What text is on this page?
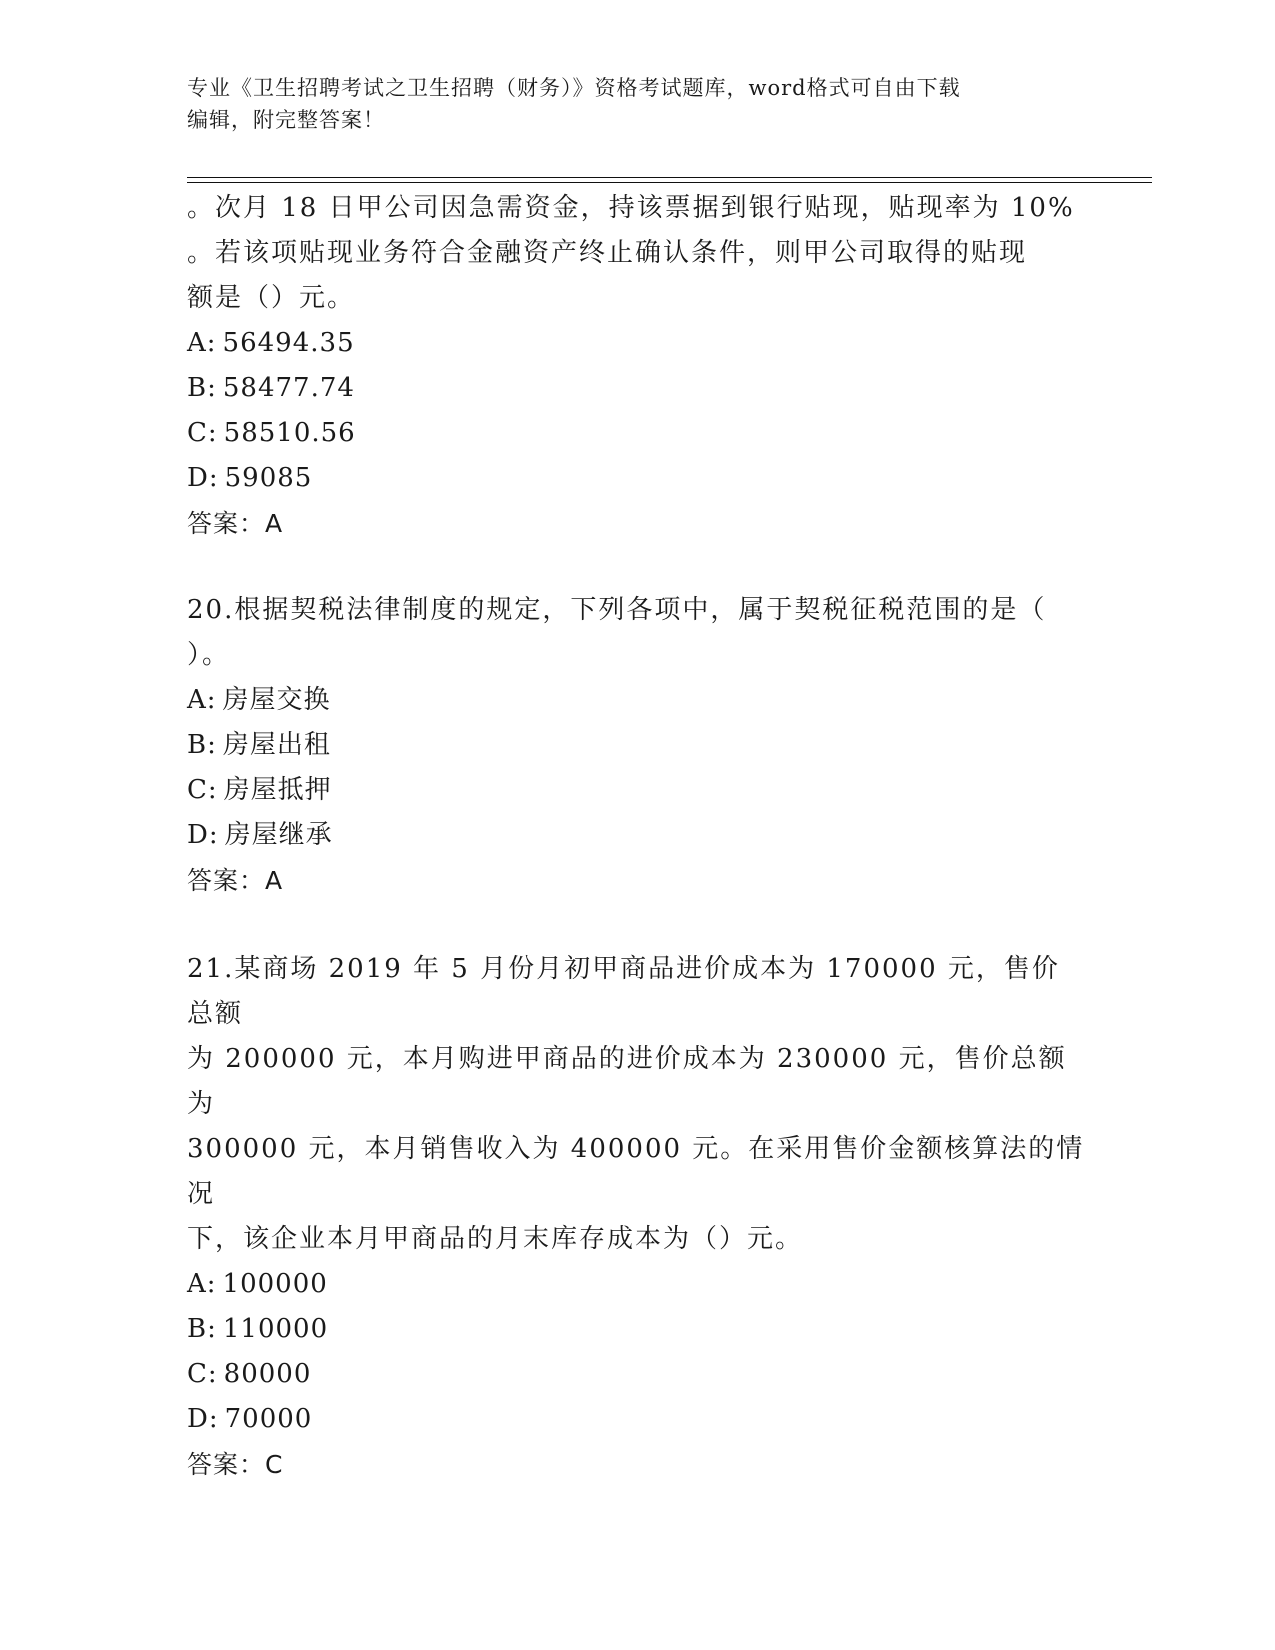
专业《卫生招聘考试之卫生招聘（财务）》资格考试题库，word格式可自由下载
编辑，附完整答案！

。次月 18 日甲公司因急需资金，持该票据到银行贴现，贴现率为 10%

。若该项贴现业务符合金融资产终止确认条件，则甲公司取得的贴现

额是（）元。

A: 56494.35

B: 58477.74

C: 58510.56

D: 59085

答案：A

20.根据契税法律制度的规定，下列各项中，属于契税征税范围的是（

）。

A: 房屋交换

B: 房屋出租

C: 房屋抵押

D: 房屋继承

答案：A

21.某商场 2019 年 5 月份月初甲商品进价成本为 170000 元，售价总额

为 200000 元，本月购进甲商品的进价成本为 230000 元，售价总额为

300000 元，本月销售收入为 400000 元。在采用售价金额核算法的情况

下，该企业本月甲商品的月末库存成本为（）元。

A: 100000

B: 110000

C: 80000

D: 70000

答案：C
